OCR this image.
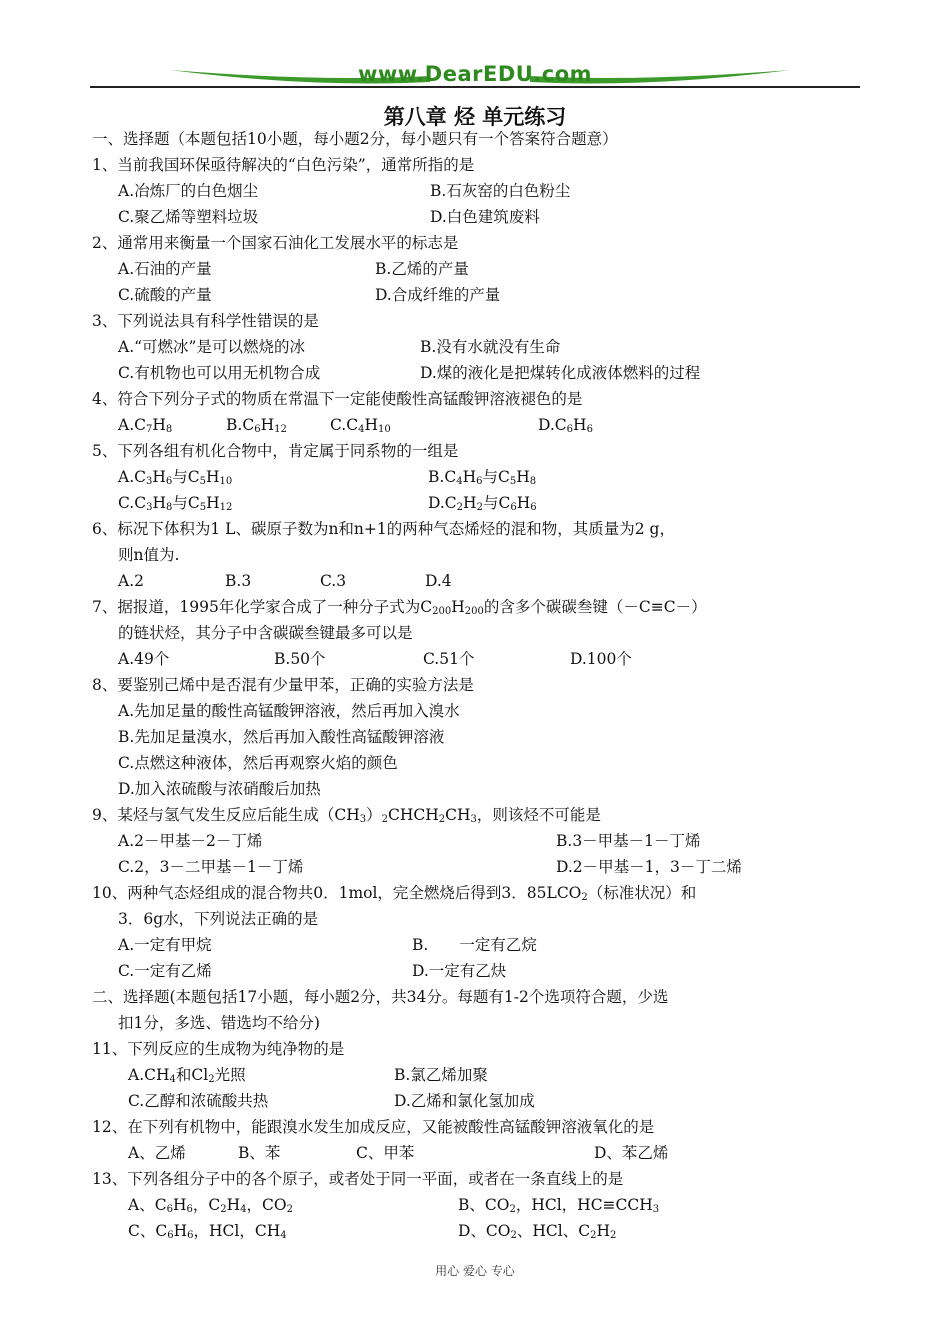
www.DearEDU.com
第八章 烃 单元练习
一、选择题（本题包括10小题，每小题2分，每小题只有一个答案符合题意）
1、当前我国环保亟待解决的“白色污染”，通常所指的是
A.冶炼厂的白色烟尘	B.石灰窑的白色粉尘
C.聚乙烯等塑料垃圾	D.白色建筑废料
2、通常用来衡量一个国家石油化工发展水平的标志是
A.石油的产量	B.乙烯的产量
C.硫酸的产量	D.合成纤维的产量
3、下列说法具有科学性错误的是
A.“可燃冰”是可以燃烧的冰	B.没有水就没有生命
C.有机物也可以用无机物合成	D.煤的液化是把煤转化成液体燃料的过程
4、符合下列分子式的物质在常温下一定能使酸性高锰酸钾溶液褪色的是
$A.C_7H_8$	$B.C_6H_{12}$	$C.C_4H_{10}$	$D.C_6H_6$
5、下列各组有机化合物中，肯定属于同系物的一组是
$A.C_3H_6$与$C_5H_{10}$	$B.C_4H_6$与$C_5H_8$
$C.C_3H_8$与$C_5H_{12}$	$D.C_2H_2$与$C_6H_6$
6、标况下体积为1 L、碳原子数为n和n+1的两种气态烯烃的混和物，其质量为2 g，
则n值为.
A.2	B.3	C.3	D.4
7、据报道，1995年化学家合成了一种分子式为$C_{200}H_{200}$的含多个碳碳叁键（－C≡C－）
的链状烃，其分子中含碳碳叁键最多可以是
A.49个	B.50个	C.51个	D.100个
8、要鉴别己烯中是否混有少量甲苯，正确的实验方法是
A.先加足量的酸性高锰酸钾溶液，然后再加入溴水
B.先加足量溴水，然后再加入酸性高锰酸钾溶液
C.点燃这种液体，然后再观察火焰的颜色
D.加入浓硫酸与浓硝酸后加热
9、某烃与氢气发生反应后能生成$(CH_3)_2CHCH_2CH_3$，则该烃不可能是
A.2－甲基－2－丁烯	B.3－甲基－1－丁烯
C.2，3－二甲基－1－丁烯	D.2－甲基－1，3－丁二烯
10、两种气态烃组成的混合物共0．1mol，完全燃烧后得到3．$85LCO_2$（标准状况）和
3．6g水，下列说法正确的是
A.一定有甲烷	B.　　一定有乙烷
C.一定有乙烯	D.一定有乙炔
二、选择题(本题包括17小题，每小题2分，共34分。每题有1-2个选项符合题，少选
扣1分，多选、错选均不给分)
11、下列反应的生成物为纯净物的是
$A.CH_4$和$Cl_2$光照	B.氯乙烯加聚
C.乙醇和浓硫酸共热	D.乙烯和氯化氢加成
12、在下列有机物中，能跟溴水发生加成反应，又能被酸性高锰酸钾溶液氧化的是
A、乙烯	B、苯	C、甲苯	D、苯乙烯
13、下列各组分子中的各个原子，或者处于同一平面，或者在一条直线上的是
A、$C_6H_6$，$C_2H_4$，$CO_2$	B、$CO_2$，HCl，$HC\equiv CCH_3$
C、$C_6H_6$，HCl，$CH_4$	D、$CO_2$、HCl、$C_2H_2$
用心 爱心 专心
